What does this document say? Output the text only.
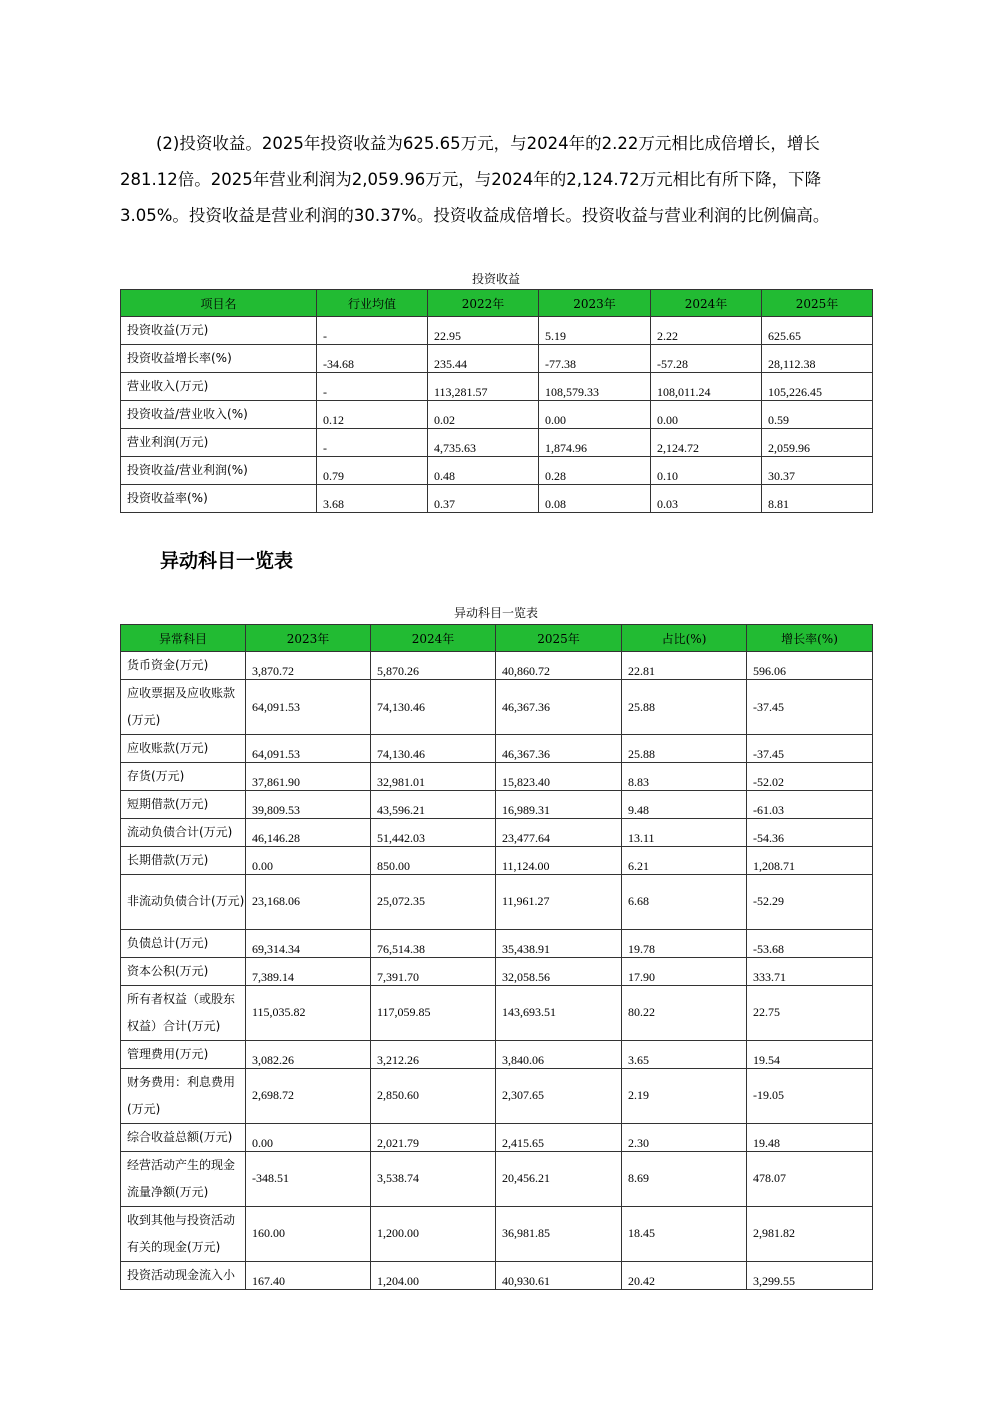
(2)投资收益。2025年投资收益为625.65万元，与2024年的2.22万元相比成倍增长，增长281.12倍。2025年营业利润为2,059.96万元，与2024年的2,124.72万元相比有所下降，下降3.05%。投资收益是营业利润的30.37%。投资收益成倍增长。投资收益与营业利润的比例偏高。
投资收益
项目名	行业均值	2022年	2023年	2024年	2025年
投资收益(万元)	-	22.95	5.19	2.22	625.65
投资收益增长率(%)	-34.68	235.44	-77.38	-57.28	28,112.38
营业收入(万元)	-	113,281.57	108,579.33	108,011.24	105,226.45
投资收益/营业收入(%)	0.12	0.02	0.00	0.00	0.59
营业利润(万元)	-	4,735.63	1,874.96	2,124.72	2,059.96
投资收益/营业利润(%)	0.79	0.48	0.28	0.10	30.37
投资收益率(%)	3.68	0.37	0.08	0.03	8.81
异动科目一览表
异动科目一览表
异常科目	2023年	2024年	2025年	占比(%)	增长率(%)
货币资金(万元)	3,870.72	5,870.26	40,860.72	22.81	596.06
应收票据及应收账款(万元)	64,091.53	74,130.46	46,367.36	25.88	-37.45
应收账款(万元)	64,091.53	74,130.46	46,367.36	25.88	-37.45
存货(万元)	37,861.90	32,981.01	15,823.40	8.83	-52.02
短期借款(万元)	39,809.53	43,596.21	16,989.31	9.48	-61.03
流动负债合计(万元)	46,146.28	51,442.03	23,477.64	13.11	-54.36
长期借款(万元)	0.00	850.00	11,124.00	6.21	1,208.71
非流动负债合计(万元)	23,168.06	25,072.35	11,961.27	6.68	-52.29
负债总计(万元)	69,314.34	76,514.38	35,438.91	19.78	-53.68
资本公积(万元)	7,389.14	7,391.70	32,058.56	17.90	333.71
所有者权益（或股东权益）合计(万元)	115,035.82	117,059.85	143,693.51	80.22	22.75
管理费用(万元)	3,082.26	3,212.26	3,840.06	3.65	19.54
财务费用：利息费用(万元)	2,698.72	2,850.60	2,307.65	2.19	-19.05
综合收益总额(万元)	0.00	2,021.79	2,415.65	2.30	19.48
经营活动产生的现金流量净额(万元)	-348.51	3,538.74	20,456.21	8.69	478.07
收到其他与投资活动有关的现金(万元)	160.00	1,200.00	36,981.85	18.45	2,981.82
投资活动现金流入小	167.40	1,204.00	40,930.61	20.42	3,299.55
